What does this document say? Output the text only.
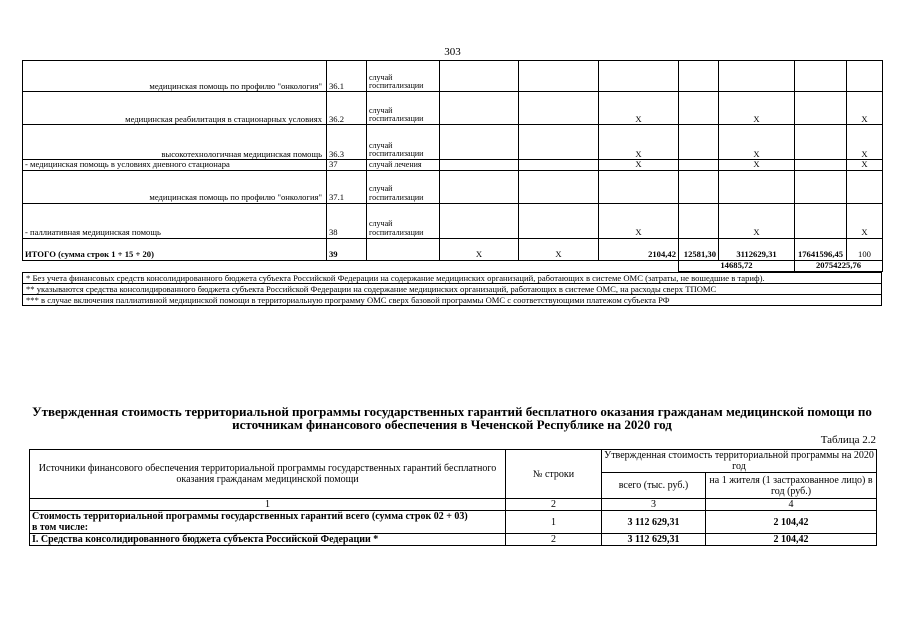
303
медицинская помощь по профилю "онкология"	36.1	случай госпитализации								
медицинская реабилитация в стационарных условиях	36.2	случай госпитализации			X		X		X	
высокотехнологичная медицинская помощь	36.3	случай госпитализации			X		X		X	
- медицинская помощь в условиях дневного стационара	37	случай лечения			X		X		X	
медицинская помощь по профилю "онкология"	37.1	случай госпитализации								
- паллиативная медицинская помощь	38	случай госпитализации			X		X		X	
ИТОГО (сумма строк 1 + 15 + 20)	39		X	X	2104,42	12581,30	3112629,31	17641596,45	100	
						14685,72		20754225,76		
* Без учета финансовых средств консолидированного бюджета субъекта Российской Федерации на содержание медицинских организаций, работающих в системе ОМС (затраты, не вошедшие в тариф).
** указываются средства консолидированного бюджета субъекта Российской Федерации на содержание медицинских организаций, работающих в системе ОМС, на расходы сверх ТПОМС
*** в случае включения паллиативной медицинской помощи в территориальную программу ОМС сверх базовой программы ОМС с соответствующими платежом субъекта РФ
Утвержденная стоимость территориальной программы государственных гарантий бесплатного оказания гражданам медицинской помощи по источникам финансового обеспечения в Чеченской Республике на 2020 год
Таблица 2.2
Источники финансового обеспечения территориальной программы государственных гарантий бесплатного оказания гражданам медицинской помощи	№ строки	Утвержденная стоимость территориальной программы на 2020 год	
		всего (тыс. руб.)	на 1 жителя (1 застрахованное лицо) в год (руб.)
1	2	3	4
Стоимость территориальной программы государственных гарантий всего (сумма строк 02 + 03)	1	3 112 629,31	2 104,42
в том числе:			
I. Средства консолидированного бюджета субъекта Российской Федерации *	2	3 112 629,31	2 104,42
